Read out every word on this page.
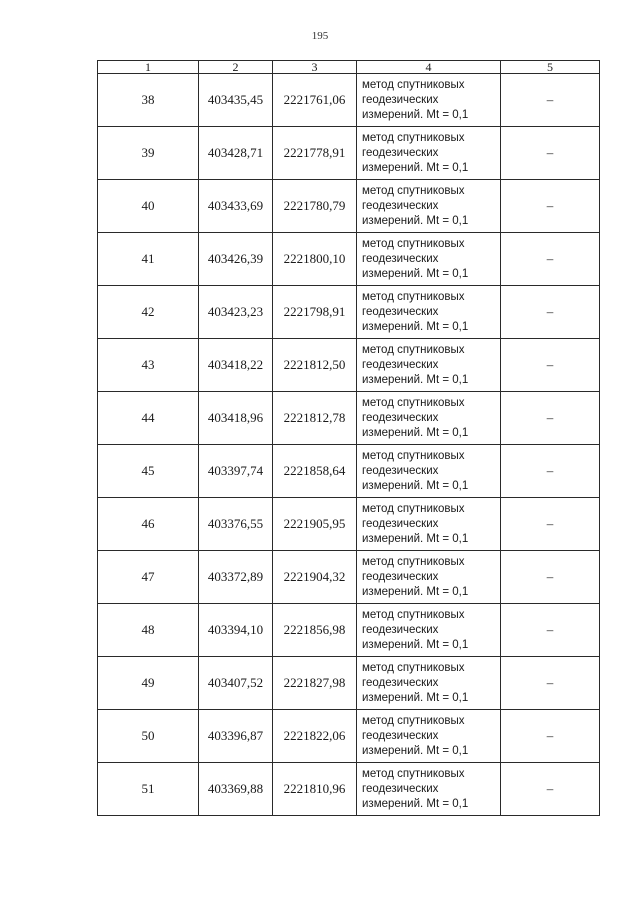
195
1	2	3	4	5
38	403435,45	2221761,06	метод спутниковых
геодезических
измерений. Mt = 0,1	–
39	403428,71	2221778,91	метод спутниковых
геодезических
измерений. Mt = 0,1	–
40	403433,69	2221780,79	метод спутниковых
геодезических
измерений. Mt = 0,1	–
41	403426,39	2221800,10	метод спутниковых
геодезических
измерений. Mt = 0,1	–
42	403423,23	2221798,91	метод спутниковых
геодезических
измерений. Mt = 0,1	–
43	403418,22	2221812,50	метод спутниковых
геодезических
измерений. Mt = 0,1	–
44	403418,96	2221812,78	метод спутниковых
геодезических
измерений. Mt = 0,1	–
45	403397,74	2221858,64	метод спутниковых
геодезических
измерений. Mt = 0,1	–
46	403376,55	2221905,95	метод спутниковых
геодезических
измерений. Mt = 0,1	–
47	403372,89	2221904,32	метод спутниковых
геодезических
измерений. Mt = 0,1	–
48	403394,10	2221856,98	метод спутниковых
геодезических
измерений. Mt = 0,1	–
49	403407,52	2221827,98	метод спутниковых
геодезических
измерений. Mt = 0,1	–
50	403396,87	2221822,06	метод спутниковых
геодезических
измерений. Mt = 0,1	–
51	403369,88	2221810,96	метод спутниковых
геодезических
измерений. Mt = 0,1	–
